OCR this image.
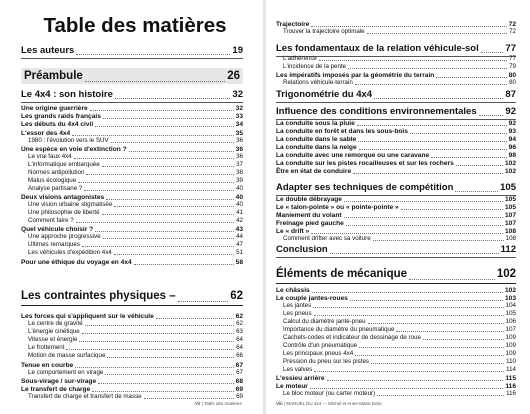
Table des matières
Les auteurs	19
Préambule	26
Le 4x4 : son histoire	32
Une origine guerrière	32
Les grands raids français	33
Les débuts du 4x4 civil	34
L'essor des 4x4	35
1980 : l'évolution vers le SUV	36
Une espèce en voie d'extinction ?	36
Le vrai faux 4x4	36
L'informatique embarquée	37
Normes antipollution	38
Malus écologique	39
Analyse partisane ?	40
Deux visions antagonistes	40
Une vision urbaine stigmatisée	40
Une philosophie de liberté	41
Comment faire ?	42
Quel véhicule choisir ?	43
Une approche progressive	44
Ultimes remarques	47
Les véhicules d'expédition 4x4	51
Pour une éthique du voyage en 4x4	58
Les contraintes physiques –	62
Les forces qui s'appliquent sur le véhicule	62
Le centre de gravité	62
L'énergie cinétique	63
Vitesse et énergie	64
Le frottement	64
Motion de masse surfacique	66
Tenue en courbe	67
Le comportement en virage	67
Sous-virage / sur-virage	68
Le transfert de charge	69
Transfert de charge et transfert de masse	69
Vii | Table des matières
Trajectoire	72
Trouver la trajectoire optimale	72
Les fondamentaux de la relation véhicule-sol	77
L'adhérence	77
L'incidence de la pente	79
Les impératifs imposés par la géométrie du terrain	80
Relations véhicule-terrain	80
Trigonométrie du 4x4	87
Influence des conditions environnementales	92
La conduite sous la pluie	92
La conduite en forêt et dans les sous-bois	93
La conduite dans le sable	94
La conduite dans la neige	96
La conduite avec une remorque ou une caravane	98
La conduite sur les pistes rocailleuses et sur les rochers	102
Être en état de conduire	102
Adapter ses techniques de compétition	105
Le double débrayage	105
Le « talon-pointe » ou « pointe-pointe »	105
Maniement du volant	107
Freinage pied gauche	107
Le « drift »	108
Comment drifter avec sa voiture	108
Conclusion	112
Éléments de mécanique	102
Le châssis	102
Le couple jantes-roues	103
Les jantes	104
Les pneus	105
Calcul du diamètre jante-pneu	106
Importance du diamètre du pneumatique	107
Cachets-codes et indicateur de dessinage de roue	109
Contrôle d'un pneumatique	109
Les principaux pneus 4x4	109
Pression du pneu sur les pistes	110
Les valves	114
L'essieu arrière	115
Le moteur	116
Le bloc moteur (ou carter moteur)	116
Viii | MANUEL DU 4x4 — Michel et Anne-Marie Dolix
